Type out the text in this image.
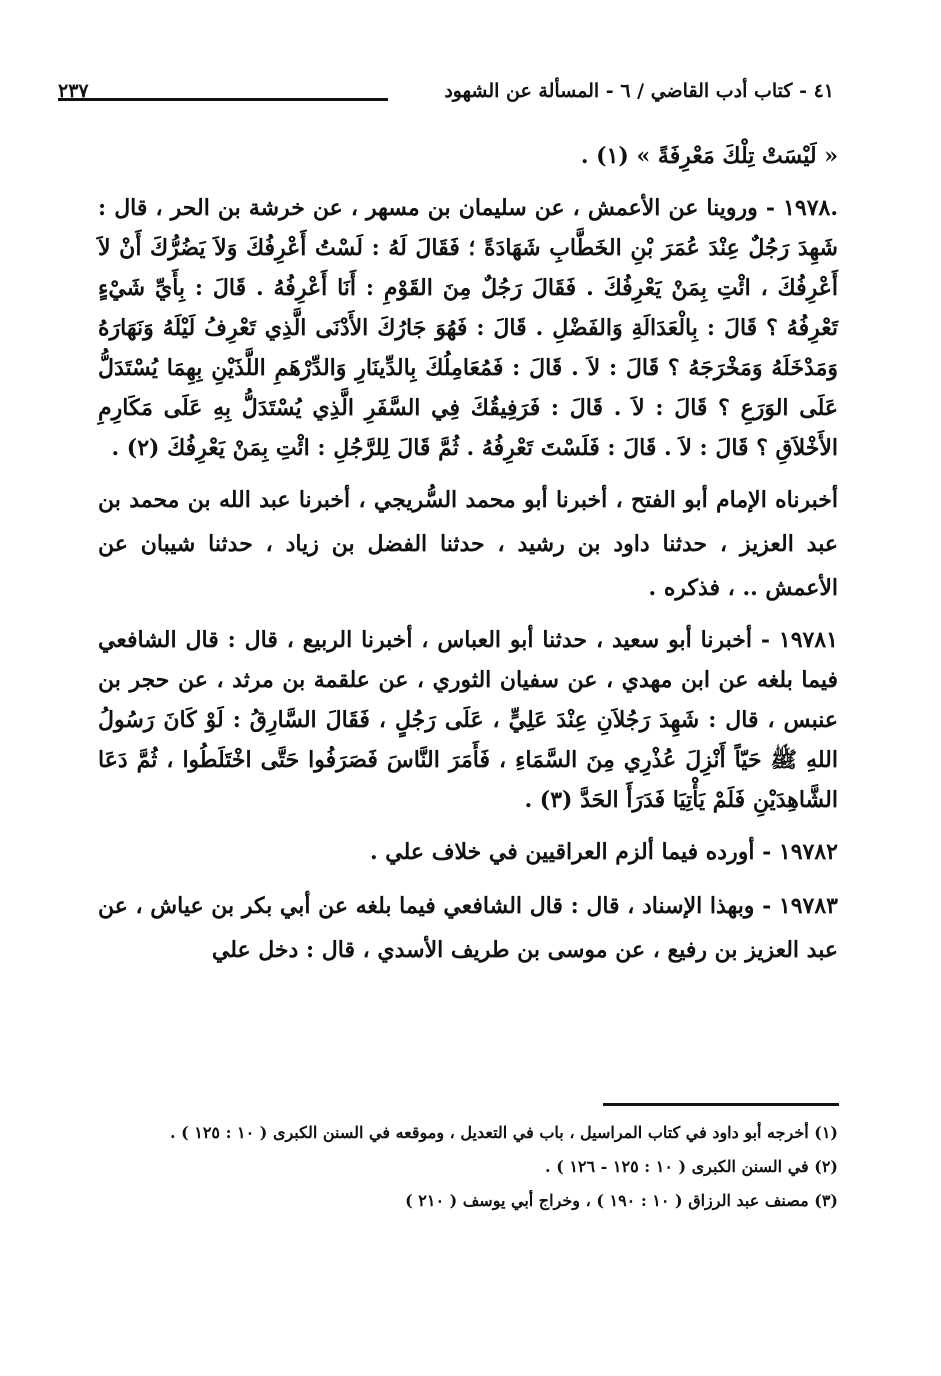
٤١ - كتاب أدب القاضي / ٦ - المسألة عن الشهود
٢٣٧

« لَيْسَتْ تِلْكَ مَعْرِفَةً » (١) .

.١٩٧٨ - وروينا عن الأعمش ، عن سليمان بن مسهر ، عن خرشة بن الحر ، قال : شَهِدَ رَجُلٌ عِنْدَ عُمَرَ بْنِ الخَطَّابِ شَهَادَةً ؛ فَقَالَ لَهُ : لَسْتُ أَعْرِفُكَ وَلاَ يَضُرُّكَ أَنْ لاَ أَعْرِفُكَ ، ائْتِ بِمَنْ يَعْرِفُكَ . فَقَالَ رَجُلٌ مِنَ القَوْمِ : أَنَا أَعْرِفُهُ . قَالَ : بِأَيِّ شَيْءٍ تَعْرِفُهُ ؟ قَالَ : بِالْعَدَالَةِ وَالفَضْلِ . قَالَ : فَهُوَ جَارُكَ الأَدْنَى الَّذِي تَعْرِفُ لَيْلَهُ وَنَهَارَهُ وَمَدْخَلَهُ وَمَخْرَجَهُ ؟ قَالَ : لاَ . قَالَ : فَمُعَامِلُكَ بِالدِّينَارِ وَالدِّرْهَمِ اللَّذَيْنِ بِهِمَا يُسْتَدَلُّ عَلَى الوَرَعِ ؟ قَالَ : لاَ . قَالَ : فَرَفِيقُكَ فِي السَّفَرِ الَّذِي يُسْتَدَلُّ بِهِ عَلَى مَكَارِمِ الأَخْلاَقِ ؟ قَالَ : لاَ . قَالَ : فَلَسْتَ تَعْرِفُهُ . ثُمَّ قَالَ لِلرَّجُلِ : ائْتِ بِمَنْ يَعْرِفُكَ (٢) .

أخبرناه الإمام أبو الفتح ، أخبرنا أبو محمد السُّريجي ، أخبرنا عبد الله بن محمد بن عبد العزيز ، حدثنا داود بن رشيد ، حدثنا الفضل بن زياد ، حدثنا شيبان عن الأعمش .. ، فذكره .

١٩٧٨١ - أخبرنا أبو سعيد ، حدثنا أبو العباس ، أخبرنا الربيع ، قال : قال الشافعي فيما بلغه عن ابن مهدي ، عن سفيان الثوري ، عن علقمة بن مرثد ، عن حجر بن عنبس ، قال : شَهِدَ رَجُلاَنِ عِنْدَ عَلِيٍّ ، عَلَى رَجُلٍ ، فَقَالَ السَّارِقُ : لَوْ كَانَ رَسُولُ اللهِ ﷺ حَيّاً أَنْزِلَ عُذْرِي مِنَ السَّمَاءِ ، فَأَمَرَ النَّاسَ فَصَرَفُوا حَتَّى اخْتَلَطُوا ، ثُمَّ دَعَا الشَّاهِدَيْنِ فَلَمْ يَأْتِيَا فَدَرَأَ الحَدَّ (٣) .

١٩٧٨٢ - أورده فيما ألزم العراقيين في خلاف علي .

١٩٧٨٣ - وبهذا الإسناد ، قال : قال الشافعي فيما بلغه عن أبي بكر بن عياش ، عن عبد العزيز بن رفيع ، عن موسى بن طريف الأسدي ، قال : دخل علي

(١) أخرجه أبو داود في كتاب المراسيل ، باب في التعديل ، وموقعه في السنن الكبرى ( ١٠ : ١٢٥ ) .

(٢) في السنن الكبرى ( ١٠ : ١٢٥ - ١٢٦ ) .

(٣) مصنف عبد الرزاق ( ١٠ : ١٩٠ ) ، وخراج أبي يوسف ( ٢١٠ )
